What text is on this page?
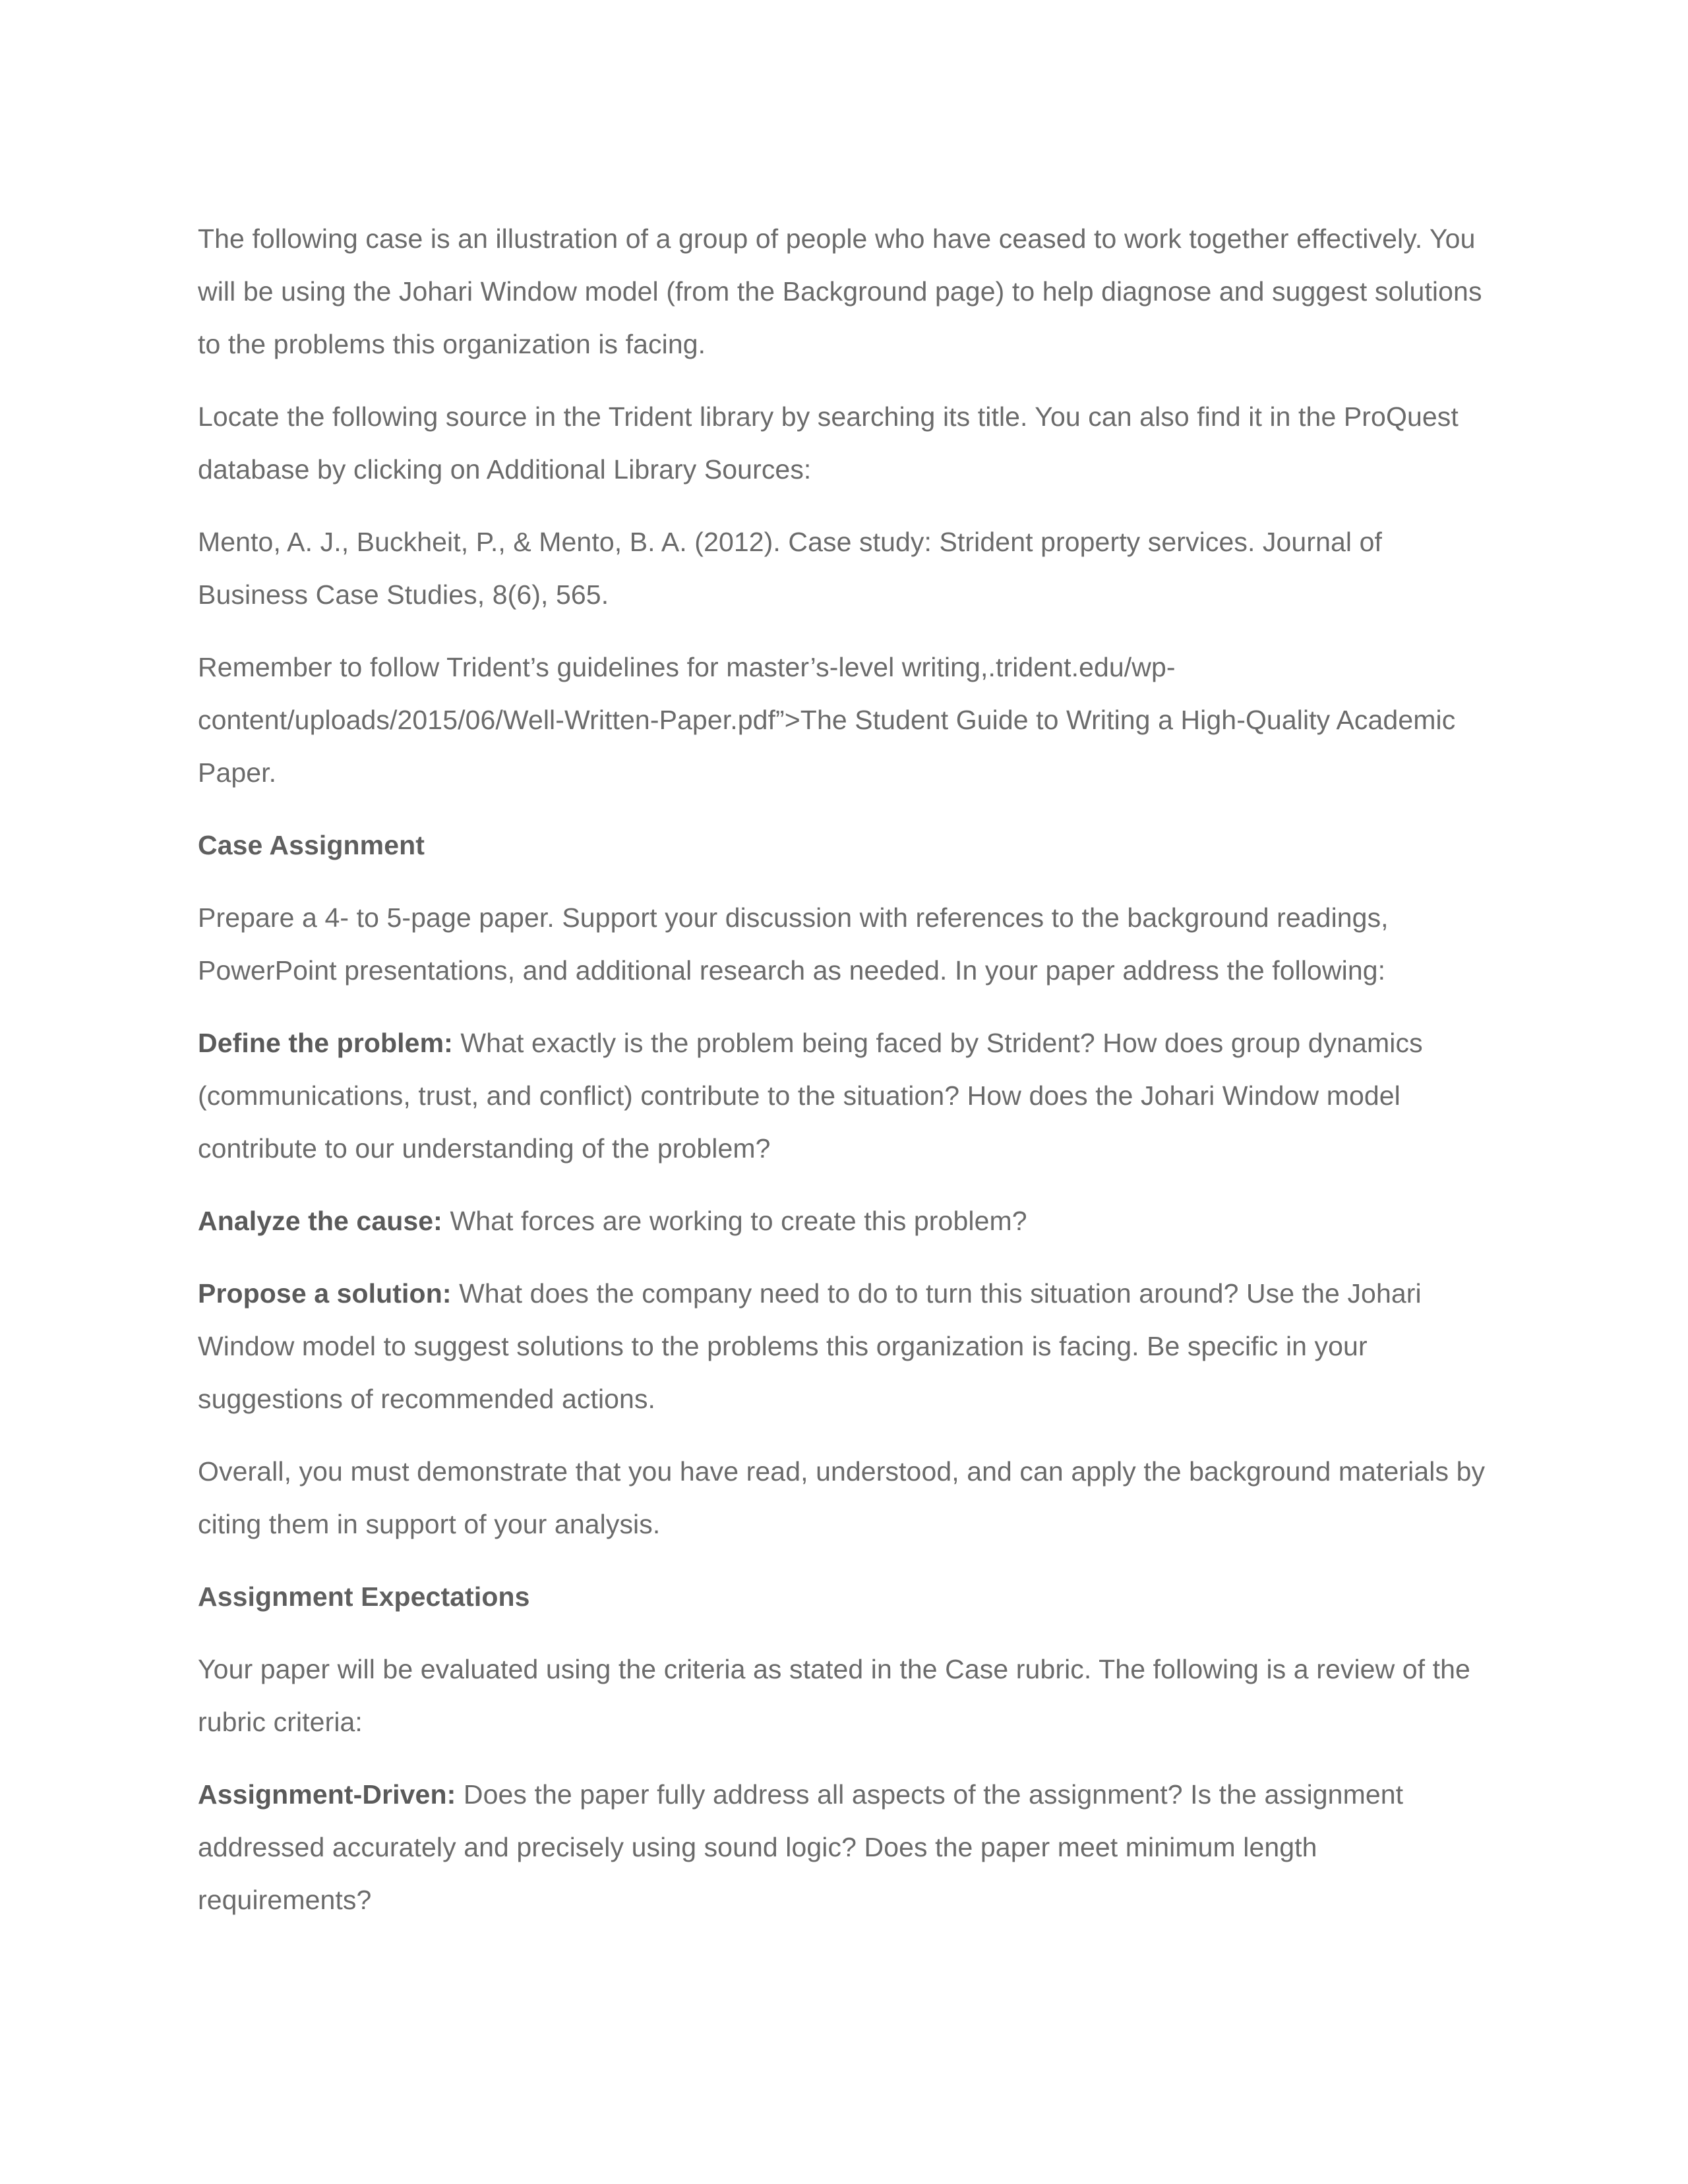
The following case is an illustration of a group of people who have ceased to work together effectively. You will be using the Johari Window model (from the Background page) to help diagnose and suggest solutions to the problems this organization is facing.

Locate the following source in the Trident library by searching its title. You can also find it in the ProQuest database by clicking on Additional Library Sources:

Mento, A. J., Buckheit, P., & Mento, B. A. (2012). Case study: Strident property services. Journal of Business Case Studies, 8(6), 565.

Remember to follow Trident’s guidelines for master’s-level writing,.trident.edu/wp-content/uploads/2015/06/Well-Written-Paper.pdf”>The Student Guide to Writing a High-Quality Academic Paper.

Case Assignment

Prepare a 4- to 5-page paper. Support your discussion with references to the background readings, PowerPoint presentations, and additional research as needed. In your paper address the following:

Define the problem: What exactly is the problem being faced by Strident? How does group dynamics (communications, trust, and conflict) contribute to the situation? How does the Johari Window model contribute to our understanding of the problem?

Analyze the cause: What forces are working to create this problem?

Propose a solution: What does the company need to do to turn this situation around? Use the Johari Window model to suggest solutions to the problems this organization is facing. Be specific in your suggestions of recommended actions.

Overall, you must demonstrate that you have read, understood, and can apply the background materials by citing them in support of your analysis.

Assignment Expectations

Your paper will be evaluated using the criteria as stated in the Case rubric. The following is a review of the rubric criteria:

Assignment-Driven: Does the paper fully address all aspects of the assignment? Is the assignment addressed accurately and precisely using sound logic? Does the paper meet minimum length requirements?
